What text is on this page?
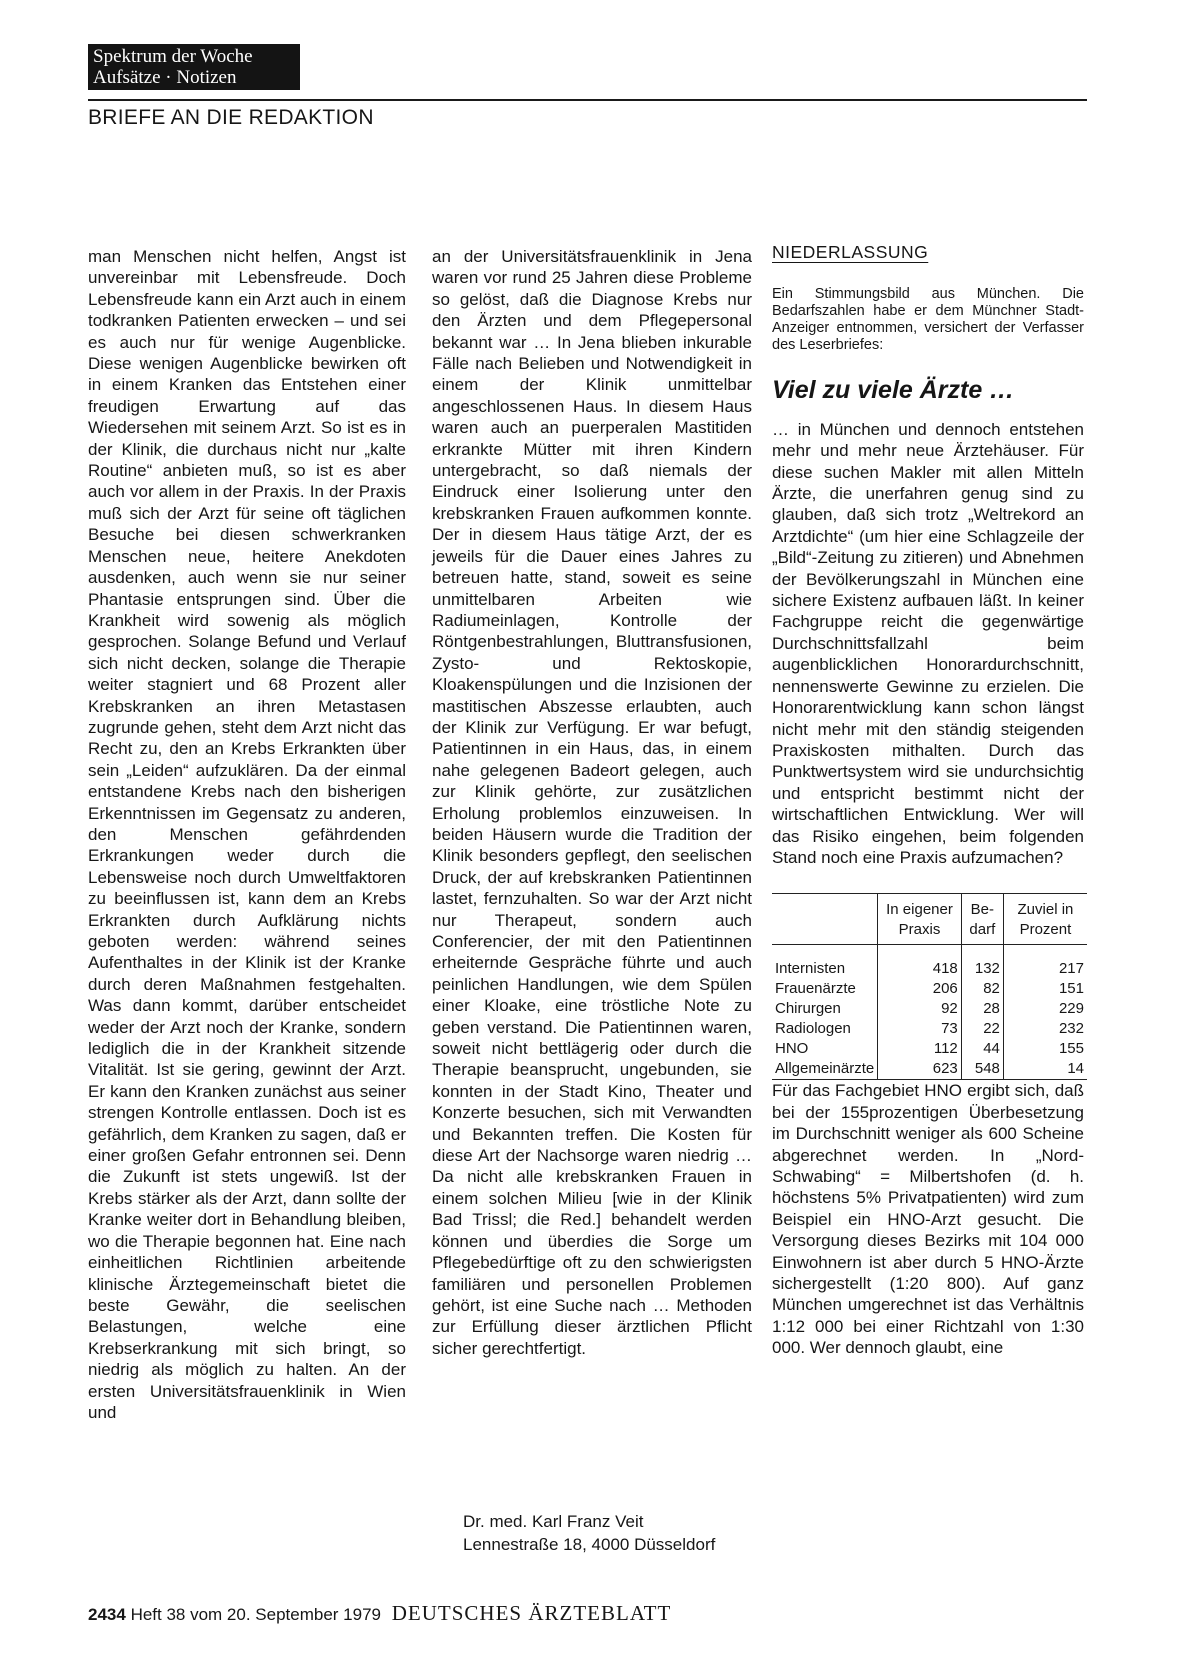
Spektrum der Woche
Aufsätze · Notizen
BRIEFE AN DIE REDAKTION

man Menschen nicht helfen, Angst ist unvereinbar mit Lebensfreude. Doch Lebensfreude kann ein Arzt auch in einem todkranken Patienten erwecken – und sei es auch nur für wenige Augenblicke. Diese wenigen Augenblicke bewirken oft in einem Kranken das Entstehen einer freudigen Erwartung auf das Wiedersehen mit seinem Arzt. So ist es in der Klinik, die durchaus nicht nur „kalte Routine“ anbieten muß, so ist es aber auch vor allem in der Praxis. In der Praxis muß sich der Arzt für seine oft täglichen Besuche bei diesen schwerkranken Menschen neue, heitere Anekdoten ausdenken, auch wenn sie nur seiner Phantasie entsprungen sind. Über die Krankheit wird sowenig als möglich gesprochen. Solange Befund und Verlauf sich nicht decken, solange die Therapie weiter stagniert und 68 Prozent aller Krebskranken an ihren Metastasen zugrunde gehen, steht dem Arzt nicht das Recht zu, den an Krebs Erkrankten über sein „Leiden“ aufzuklären. Da der einmal entstandene Krebs nach den bisherigen Erkenntnissen im Gegensatz zu anderen, den Menschen gefährdenden Erkrankungen weder durch die Lebensweise noch durch Umweltfaktoren zu beeinflussen ist, kann dem an Krebs Erkrankten durch Aufklärung nichts geboten werden: während seines Aufenthaltes in der Klinik ist der Kranke durch deren Maßnahmen festgehalten. Was dann kommt, darüber entscheidet weder der Arzt noch der Kranke, sondern lediglich die in der Krankheit sitzende Vitalität. Ist sie gering, gewinnt der Arzt. Er kann den Kranken zunächst aus seiner strengen Kontrolle entlassen. Doch ist es gefährlich, dem Kranken zu sagen, daß er einer großen Gefahr entronnen sei. Denn die Zukunft ist stets ungewiß. Ist der Krebs stärker als der Arzt, dann sollte der Kranke weiter dort in Behandlung bleiben, wo die Therapie begonnen hat. Eine nach einheitlichen Richtlinien arbeitende klinische Ärztegemeinschaft bietet die beste Gewähr, die seelischen Belastungen, welche eine Krebserkrankung mit sich bringt, so niedrig als möglich zu halten. An der ersten Universitätsfrauenklinik in Wien und

an der Universitätsfrauenklinik in Jena waren vor rund 25 Jahren diese Probleme so gelöst, daß die Diagnose Krebs nur den Ärzten und dem Pflegepersonal bekannt war … In Jena blieben inkurable Fälle nach Belieben und Notwendigkeit in einem der Klinik unmittelbar angeschlossenen Haus. In diesem Haus waren auch an puerperalen Mastitiden erkrankte Mütter mit ihren Kindern untergebracht, so daß niemals der Eindruck einer Isolierung unter den krebskranken Frauen aufkommen konnte. Der in diesem Haus tätige Arzt, der es jeweils für die Dauer eines Jahres zu betreuen hatte, stand, soweit es seine unmittelbaren Arbeiten wie Radiumeinlagen, Kontrolle der Röntgenbestrahlungen, Bluttransfusionen, Zysto- und Rektoskopie, Kloakenspülungen und die Inzisionen der mastitischen Abszesse erlaubten, auch der Klinik zur Verfügung. Er war befugt, Patientinnen in ein Haus, das, in einem nahe gelegenen Badeort gelegen, auch zur Klinik gehörte, zur zusätzlichen Erholung problemlos einzuweisen. In beiden Häusern wurde die Tradition der Klinik besonders gepflegt, den seelischen Druck, der auf krebskranken Patientinnen lastet, fernzuhalten. So war der Arzt nicht nur Therapeut, sondern auch Conferencier, der mit den Patientinnen erheiternde Gespräche führte und auch peinlichen Handlungen, wie dem Spülen einer Kloake, eine tröstliche Note zu geben verstand. Die Patientinnen waren, soweit nicht bettlägerig oder durch die Therapie beansprucht, ungebunden, sie konnten in der Stadt Kino, Theater und Konzerte besuchen, sich mit Verwandten und Bekannten treffen. Die Kosten für diese Art der Nachsorge waren niedrig … Da nicht alle krebskranken Frauen in einem solchen Milieu [wie in der Klinik Bad Trissl; die Red.] behandelt werden können und überdies die Sorge um Pflegebedürftige oft zu den schwierigsten familiären und personellen Problemen gehört, ist eine Suche nach … Methoden zur Erfüllung dieser ärztlichen Pflicht sicher gerechtfertigt.

Dr. med. Karl Franz Veit
Lennestraße 18, 4000 Düsseldorf

NIEDERLASSUNG

Ein Stimmungsbild aus München. Die Bedarfszahlen habe er dem Münchner Stadt-Anzeiger entnommen, versichert der Verfasser des Leserbriefes:
Viel zu viele Ärzte …

… in München und dennoch entstehen mehr und mehr neue Ärztehäuser. Für diese suchen Makler mit allen Mitteln Ärzte, die unerfahren genug sind zu glauben, daß sich trotz „Weltrekord an Arztdichte“ (um hier eine Schlagzeile der „Bild“-Zeitung zu zitieren) und Abnehmen der Bevölkerungszahl in München eine sichere Existenz aufbauen läßt. In keiner Fachgruppe reicht die gegenwärtige Durchschnittsfallzahl beim augenblicklichen Honorardurchschnitt, nennenswerte Gewinne zu erzielen. Die Honorarentwicklung kann schon längst nicht mehr mit den ständig steigenden Praxiskosten mithalten. Durch das Punktwertsystem wird sie undurchsichtig und entspricht bestimmt nicht der wirtschaftlichen Entwicklung. Wer will das Risiko eingehen, beim folgenden Stand noch eine Praxis aufzumachen?

	In eigener Praxis	Be-darf	Zuviel in Prozent

Internisten	418	132	217
Frauenärzte	206	82	151
Chirurgen	92	28	229
Radiologen	73	22	232
HNO	112	44	155
Allgemeinärzte	623	548	14

Für das Fachgebiet HNO ergibt sich, daß bei der 155prozentigen Überbesetzung im Durchschnitt weniger als 600 Scheine abgerechnet werden. In „Nord-Schwabing“ = Milbertshofen (d. h. höchstens 5% Privatpatienten) wird zum Beispiel ein HNO-Arzt gesucht. Die Versorgung dieses Bezirks mit 104 000 Einwohnern ist aber durch 5 HNO-Ärzte sichergestellt (1:20 800). Auf ganz München umgerechnet ist das Verhältnis 1:12 000 bei einer Richtzahl von 1:30 000. Wer dennoch glaubt, eine

2434 Heft 38 vom 20. September 1979 DEUTSCHES ÄRZTEBLATT
